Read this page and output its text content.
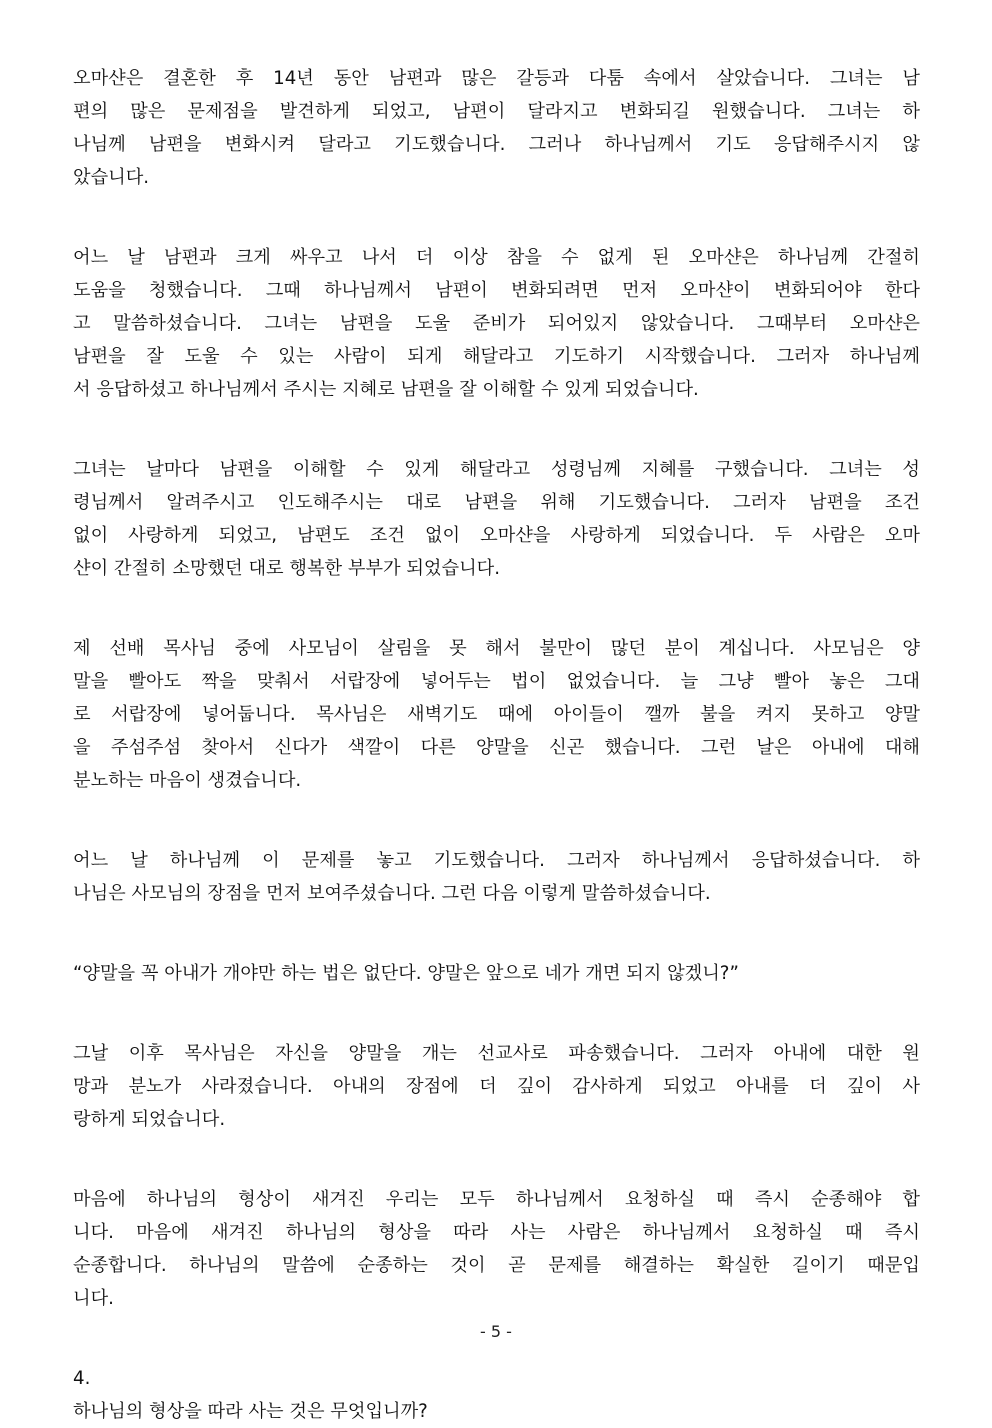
오마샨은 결혼한 후 14년 동안 남편과 많은 갈등과 다툼 속에서 살았습니다. 그녀는 남
편의 많은 문제점을 발견하게 되었고, 남편이 달라지고 변화되길 원했습니다. 그녀는 하
나님께 남편을 변화시켜 달라고 기도했습니다. 그러나 하나님께서 기도 응답해주시지 않
았습니다.

어느 날 남편과 크게 싸우고 나서 더 이상 참을 수 없게 된 오마샨은 하나님께 간절히
도움을 청했습니다. 그때 하나님께서 남편이 변화되려면 먼저 오마샨이 변화되어야 한다
고 말씀하셨습니다. 그녀는 남편을 도울 준비가 되어있지 않았습니다. 그때부터 오마샨은
남편을 잘 도울 수 있는 사람이 되게 해달라고 기도하기 시작했습니다. 그러자 하나님께
서 응답하셨고 하나님께서 주시는 지혜로 남편을 잘 이해할 수 있게 되었습니다.

그녀는 날마다 남편을 이해할 수 있게 해달라고 성령님께 지혜를 구했습니다. 그녀는 성
령님께서 알려주시고 인도해주시는 대로 남편을 위해 기도했습니다. 그러자 남편을 조건
없이 사랑하게 되었고, 남편도 조건 없이 오마샨을 사랑하게 되었습니다. 두 사람은 오마
샨이 간절히 소망했던 대로 행복한 부부가 되었습니다.

제 선배 목사님 중에 사모님이 살림을 못 해서 불만이 많던 분이 계십니다. 사모님은 양
말을 빨아도 짝을 맞춰서 서랍장에 넣어두는 법이 없었습니다. 늘 그냥 빨아 놓은 그대
로 서랍장에 넣어둡니다. 목사님은 새벽기도 때에 아이들이 깰까 불을 켜지 못하고 양말
을 주섬주섬 찾아서 신다가 색깔이 다른 양말을 신곤 했습니다. 그런 날은 아내에 대해
분노하는 마음이 생겼습니다.

어느 날 하나님께 이 문제를 놓고 기도했습니다. 그러자 하나님께서 응답하셨습니다. 하
나님은 사모님의 장점을 먼저 보여주셨습니다. 그런 다음 이렇게 말씀하셨습니다.

“양말을 꼭 아내가 개야만 하는 법은 없단다. 양말은 앞으로 네가 개면 되지 않겠니?”

그날 이후 목사님은 자신을 양말을 개는 선교사로 파송했습니다. 그러자 아내에 대한 원
망과 분노가 사라졌습니다. 아내의 장점에 더 깊이 감사하게 되었고 아내를 더 깊이 사
랑하게 되었습니다.

마음에 하나님의 형상이 새겨진 우리는 모두 하나님께서 요청하실 때 즉시 순종해야 합
니다. 마음에 새겨진 하나님의 형상을 따라 사는 사람은 하나님께서 요청하실 때 즉시
순종합니다. 하나님의 말씀에 순종하는 것이 곧 문제를 해결하는 확실한 길이기 때문입
니다.

4.
하나님의 형상을 따라 사는 것은 무엇입니까?
- 5 -
